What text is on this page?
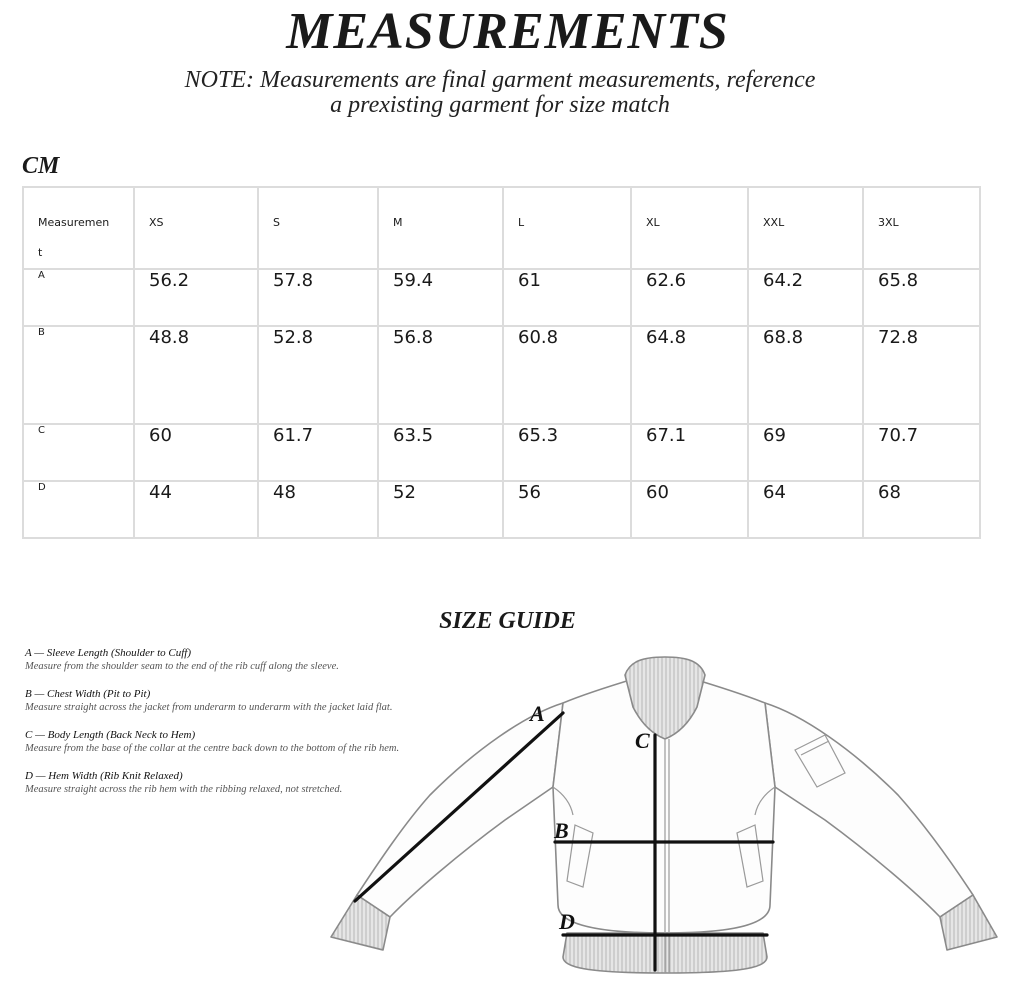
MEASUREMENTS
NOTE: Measurements are final garment measurements, reference
a prexisting garment for size match
CM
Measuremen
t	XS	S	M	L	XL	XXL	3XL
A	56.2	57.8	59.4	61	62.6	64.2	65.8
B	48.8	52.8	56.8	60.8	64.8	68.8	72.8
C	60	61.7	63.5	65.3	67.1	69	70.7
D	44	48	52	56	60	64	68
SIZE GUIDE
A — Sleeve Length (Shoulder to Cuff)
Measure from the shoulder seam to the end of the rib cuff along the sleeve.
B — Chest Width (Pit to Pit)
Measure straight across the jacket from underarm to underarm with the jacket laid flat.
C — Body Length (Back Neck to Hem)
Measure from the base of the collar at the centre back down to the bottom of the rib hem.
D — Hem Width (Rib Knit Relaxed)
Measure straight across the rib hem with the ribbing relaxed, not stretched.
A
B
C
D
